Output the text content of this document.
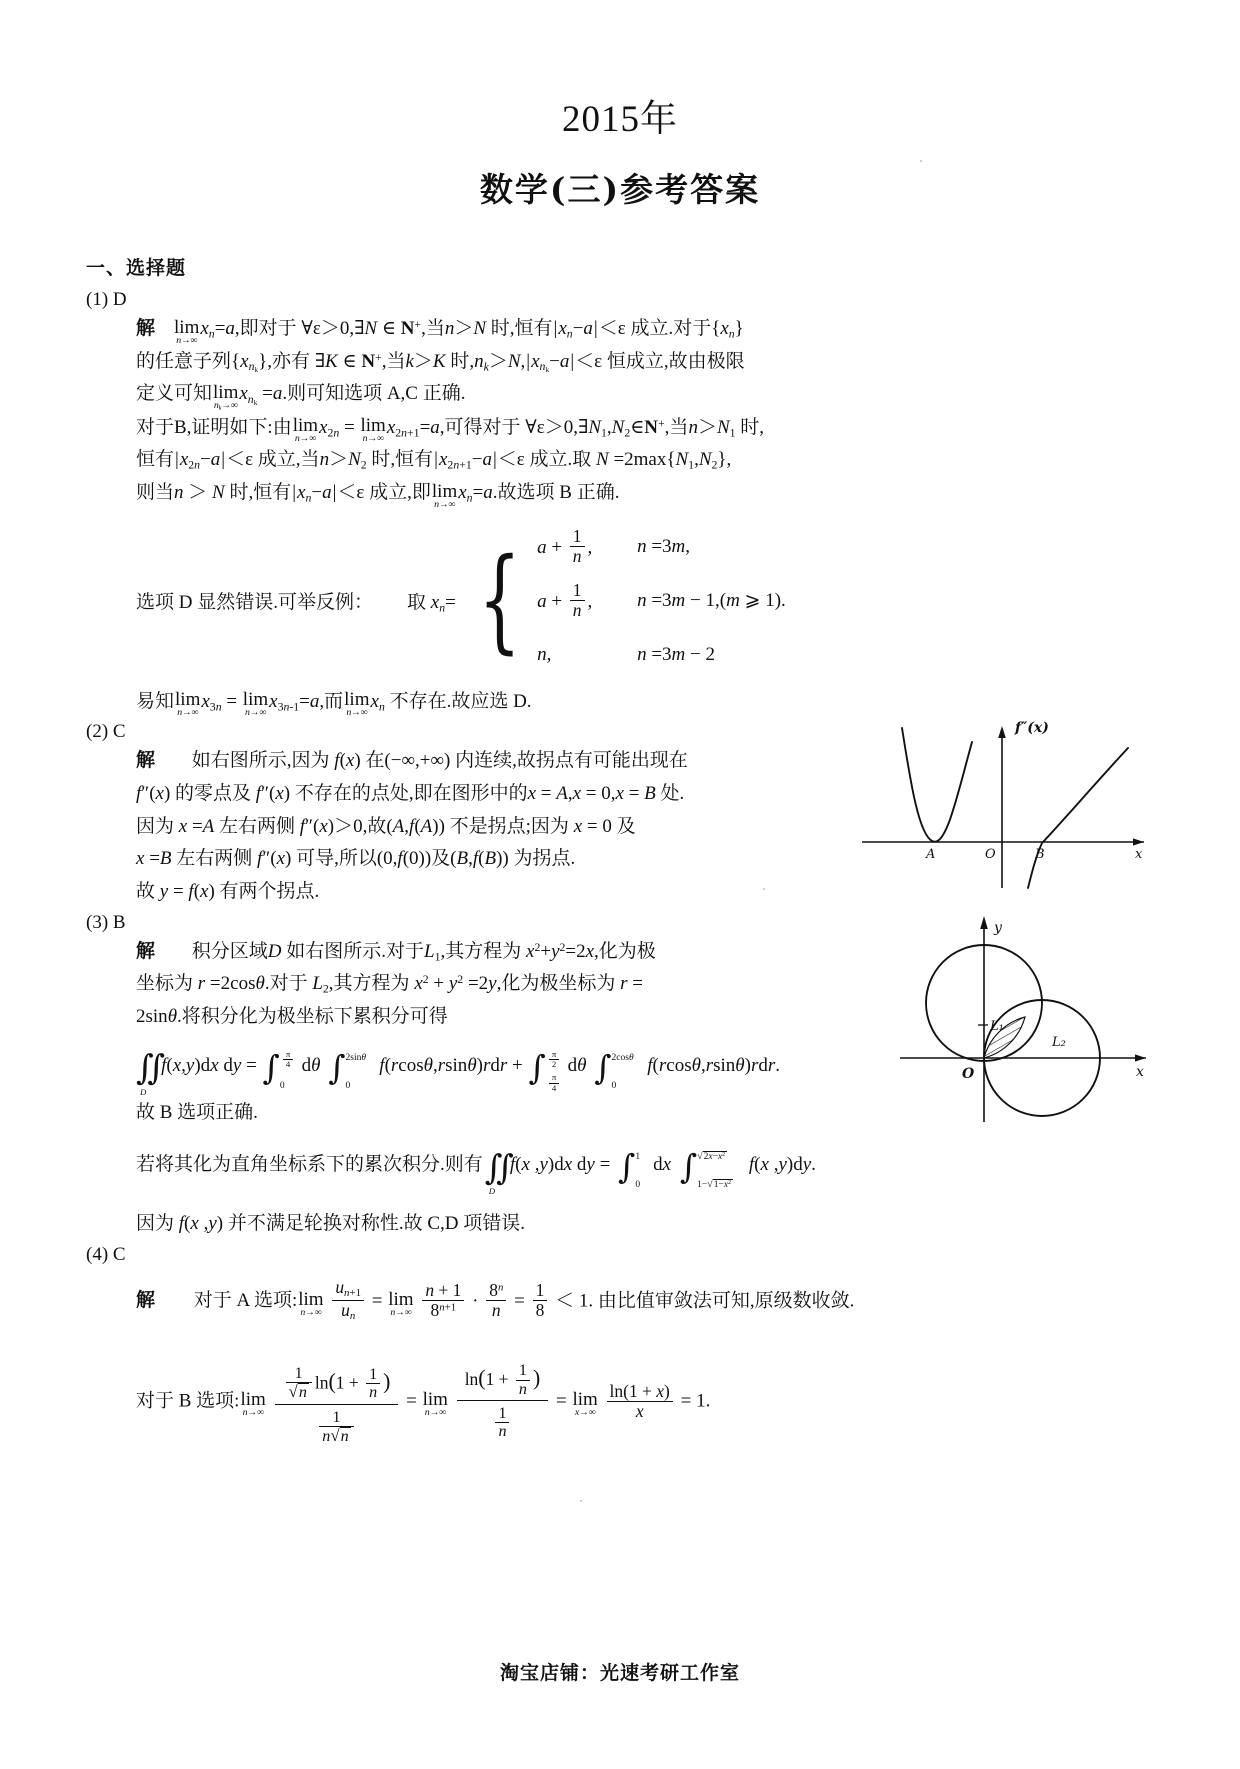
2015年
数学(三)参考答案
一、选择题
(1) D
解 lim
n→∞
$x_n=a$,即对于 ∀ε＞0,∃N ∈ N+,当n＞N 时,恒有$|x_n-a|<\varepsilon$ 成立.对于$\{x_n\}$
的任意子列$\{x_{n_k}\}$,亦有 ∃K ∈ N+,当k＞K 时$,n_k>N,|x_{n_k}-a|<\varepsilon$ 恒成立,故由极限
定义可知 lim
$n_k\to\infty$
$x_{n_k} =a$.则可知选项 A,C 正确.
对于B,证明如下:由 lim
n→∞
$x_{2n} = \lim$
n→∞
$x_{2n+1}=a$,可得对于 $\forall\varepsilon>0,\exists N_1,N_2\in N^+$,当$n>N_1$ 时,
恒有$|x_{2n}-a|<\varepsilon$ 成立,当$n>N_2$ 时,恒有$|x_{2n+1}-a|<\varepsilon$ 成立.取 $N =2\max\{N_1,N_2\}$,
则当n ＞ N 时,恒有$|x_n-a|<\varepsilon$ 成立,即 lim
n→∞
$x_n=a$.故选项 B 正确.
选项 D 显然错误.可举反例： 取 $x_n=$ { $a + \frac{1}{n}$ ,	n =3m,
$a + \frac{1}{n}$ ,	n =3m − 1,(m ⩾ 1).
n,	n =3m − 2
易知 lim
n→∞
$x_{3n} = \lim$
n→∞
$x_{3n-1}=a$,而 lim
n→∞
$x_n$ 不存在.故应选 D.
(2) C
解 如右图所示,因为 f(x) 在(−∞,+∞) 内连续,故拐点有可能出现在
f″(x) 的零点及 f″(x) 不存在的点处,即在图形中的x = A,x = 0,x = B 处.
因为 x =A 左右两侧 f″(x)＞0,故(A,f(A)) 不是拐点;因为 x = 0 及
x =B 左右两侧 f″(x) 可导,所以(0,f(0))及(B,f(B)) 为拐点.
故 y = f(x) 有两个拐点.
(3) B
解 积分区域D 如右图所示.对于$L_1$,其方程为 $x^2+y^2=2x$,化为极
坐标为 r =2cosθ.对于 $L_2$,其方程为 $x^2 + y^2 =2y$,化为极坐标为 r =
2sinθ.将积分化为极坐标下累积分可得
∬
D
f(x,y)dx dy = ∫ $\frac{\pi}{4}$
0
dθ ∫ 2sinθ
0
f(rcosθ,rsinθ)rdr + ∫ $\frac{\pi}{2}$
$\frac{\pi}{4}$
dθ ∫ 2cosθ
0
f(rcosθ,rsinθ)rdr.
故 B 选项正确.
若将其化为直角坐标系下的累次积分.则有∬
D
f(x ,y)dx dy = ∫ 1
0
dx ∫ $√2x-x^2$
$1-√1-x^2$
f(x ,y)dy.
因为 f(x ,y) 并不满足轮换对称性.故 C,D 项错误.
(4) C
解 对于 A 选项: lim
n→∞
$\frac{u_{n+1}}{u_n} = \lim$
n→∞
$\frac{n + 1}{8^{n+1}} \cdot \frac{8^n}{n} = \frac{1}{8} < 1$. 由比值审敛法可知,原级数收敛.
对于 B 选项: lim
n→∞
$\frac{\frac{1}{√n} \ln(1 + \frac{1}{n} )}{\frac{1}{n√n}} = \lim$
n→∞
$\frac{\ln(1 + \frac{1}{n} )}{\frac{1}{n}} = \lim$
x→∞
$\frac{\ln(1 + x)}{x} = 1$.
f″(x)
x
A	O	B
y
x
O
L₁
L₂
淘宝店铺：光速考研工作室
